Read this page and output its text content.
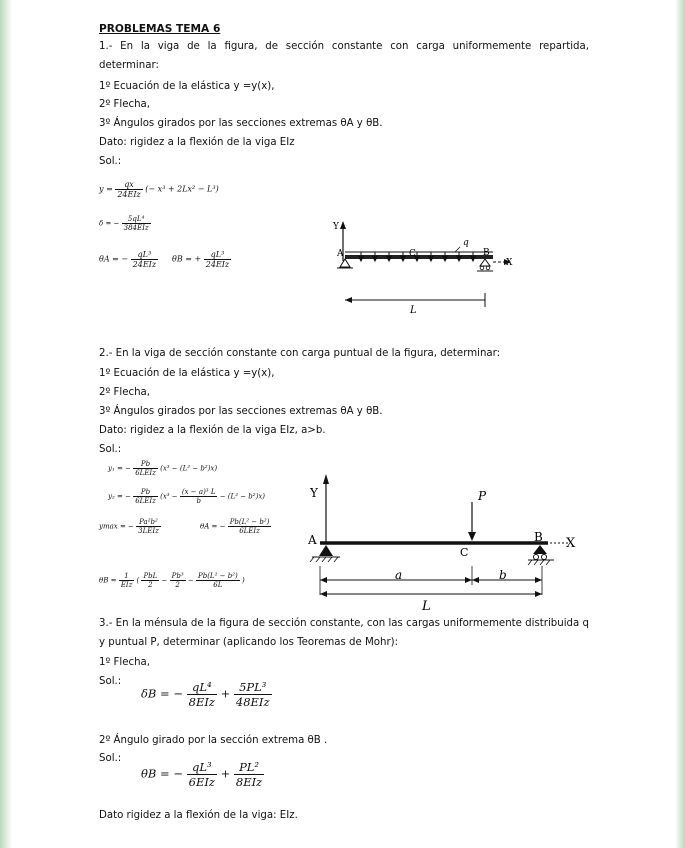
PROBLEMAS TEMA 6
1.- En la viga de la figura, de sección constante con carga uniformemente repartida, determinar:
1º Ecuación de la elástica y =y(x),
2º Flecha,
3º Ángulos girados por las secciones extremas θA y θB.
Dato: rigidez a la flexión de la viga EIz
Sol.:
$y = \frac{qx}{\text{24EIz}}$ (− x³ + 2Lx² − L³)
δ = − $\frac{\text{5qL⁴}}{\text{384EIz}}$
θA = − $\frac{\text{qL³}}{\text{24EIz}}$ θB = + $\frac{\text{qL³}}{\text{24EIz}}$
Y
A	C
q
B
X
L
2.- En la viga de sección constante con carga puntual de la figura, determinar:
1º Ecuación de la elástica y =y(x),
2º Flecha,
3º Ángulos girados por las secciones extremas θA y θB.
Dato: rigidez a la flexión de la viga EIz, a>b.
Sol.:
y₁ = − $\frac{Pb}{\text{6LEIz}} (x^3 - (L^2 - b^2)x)$
y₂ = − $\frac{Pb}{\text{6LEIz}} (x^3 - \frac{\text{(x − a)³ L}}{b} - (L^2 - b^2)x)$
ymax = − $\frac{\text{Pa²b²}}{\text{3LEIz}}$	θA = − $\frac{\text{Pb(L² − b²)}}{\text{6LEIz}}$
$\theta B = \frac{1}{\text{EIz}}$ ( $\frac{\text{PbL}}{2} - \frac{\text{Pb³}}{2} - \frac{\text{Pb(L² − b²)}}{6L}$ )
Y
A
P
C
B X
a	b
L
3.- En la ménsula de la figura de sección constante, con las cargas uniformemente distribuida q y puntual P, determinar (aplicando los Teoremas de Mohr):
1º Flecha,
Sol.:
δB = − $\frac{\text{qL⁴}}{\text{8EIz}} + \frac{\text{5PL³}}{\text{48EIz}}$
2º Ángulo girado por la sección extrema θB .
Sol.:
θB = − $\frac{\text{qL³}}{\text{6EIz}} + \frac{\text{PL²}}{\text{8EIz}}$
Dato rigidez a la flexión de la viga: EIz.
